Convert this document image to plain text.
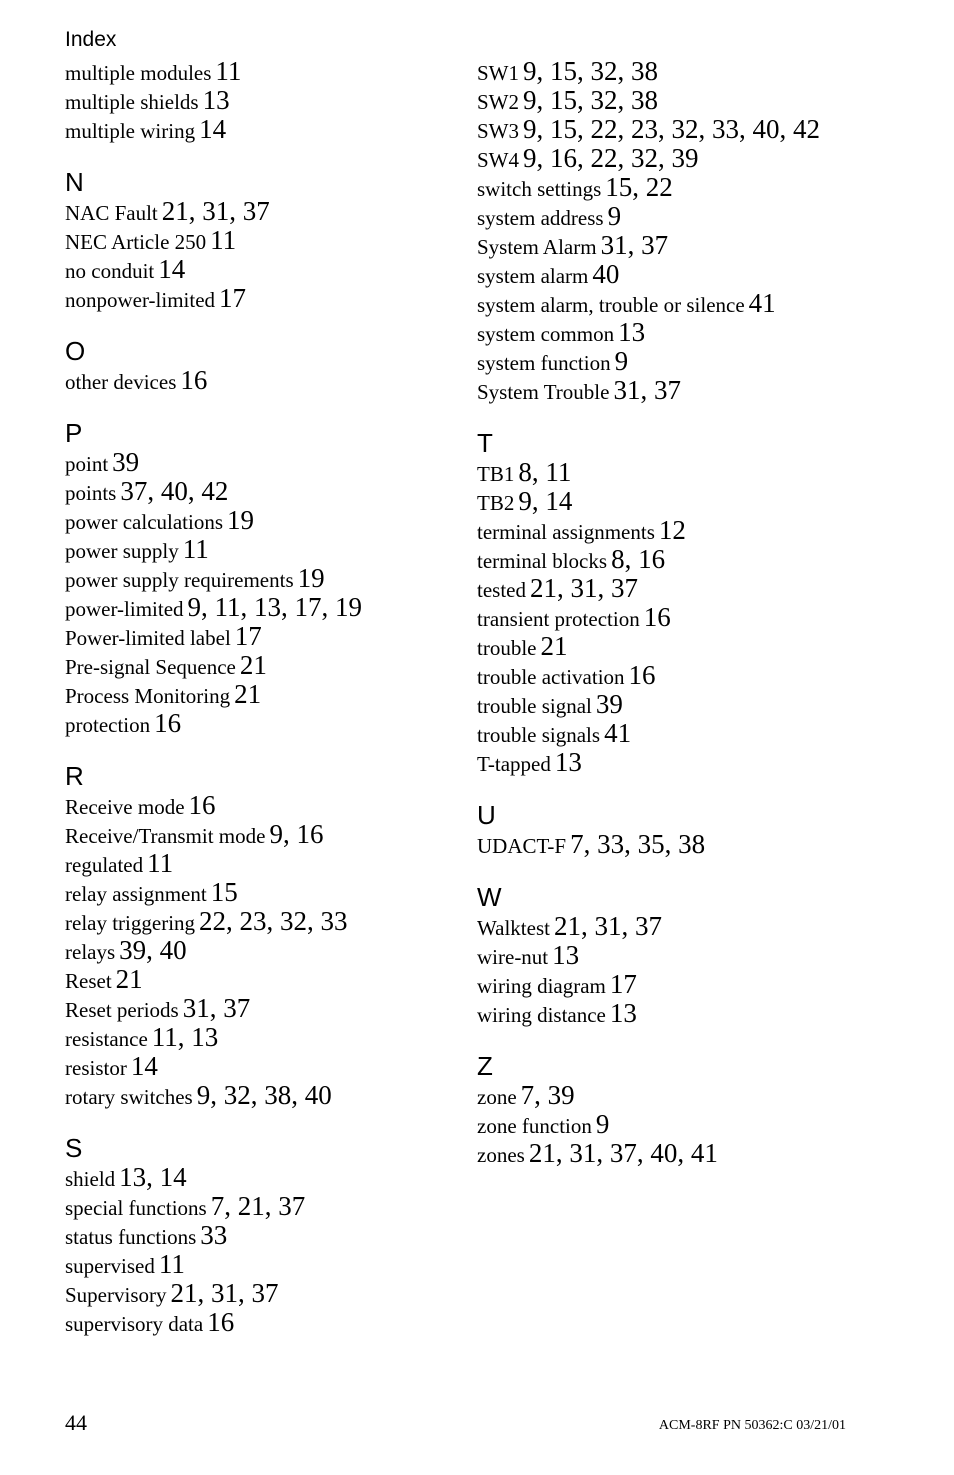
Index
multiple modules 11
multiple shields 13
multiple wiring 14
N
NAC Fault 21, 31, 37
NEC Article 250 11
no conduit 14
nonpower-limited 17
O
other devices 16
P
point 39
points 37, 40, 42
power calculations 19
power supply 11
power supply requirements 19
power-limited 9, 11, 13, 17, 19
Power-limited label 17
Pre-signal Sequence 21
Process Monitoring 21
protection 16
R
Receive mode 16
Receive/Transmit mode 9, 16
regulated 11
relay assignment 15
relay triggering 22, 23, 32, 33
relays 39, 40
Reset 21
Reset periods 31, 37
resistance 11, 13
resistor 14
rotary switches 9, 32, 38, 40
S
shield 13, 14
special functions 7, 21, 37
status functions 33
supervised 11
Supervisory 21, 31, 37
supervisory data 16
SW1 9, 15, 32, 38
SW2 9, 15, 32, 38
SW3 9, 15, 22, 23, 32, 33, 40, 42
SW4 9, 16, 22, 32, 39
switch settings 15, 22
system address 9
System Alarm 31, 37
system alarm 40
system alarm, trouble or silence 41
system common 13
system function 9
System Trouble 31, 37
T
TB1 8, 11
TB2 9, 14
terminal assignments 12
terminal blocks 8, 16
tested 21, 31, 37
transient protection 16
trouble 21
trouble activation 16
trouble signal 39
trouble signals 41
T-tapped 13
U
UDACT-F 7, 33, 35, 38
W
Walktest 21, 31, 37
wire-nut 13
wiring diagram 17
wiring distance 13
Z
zone 7, 39
zone function 9
zones 21, 31, 37, 40, 41
44	ACM-8RF PN 50362:C 03/21/01
